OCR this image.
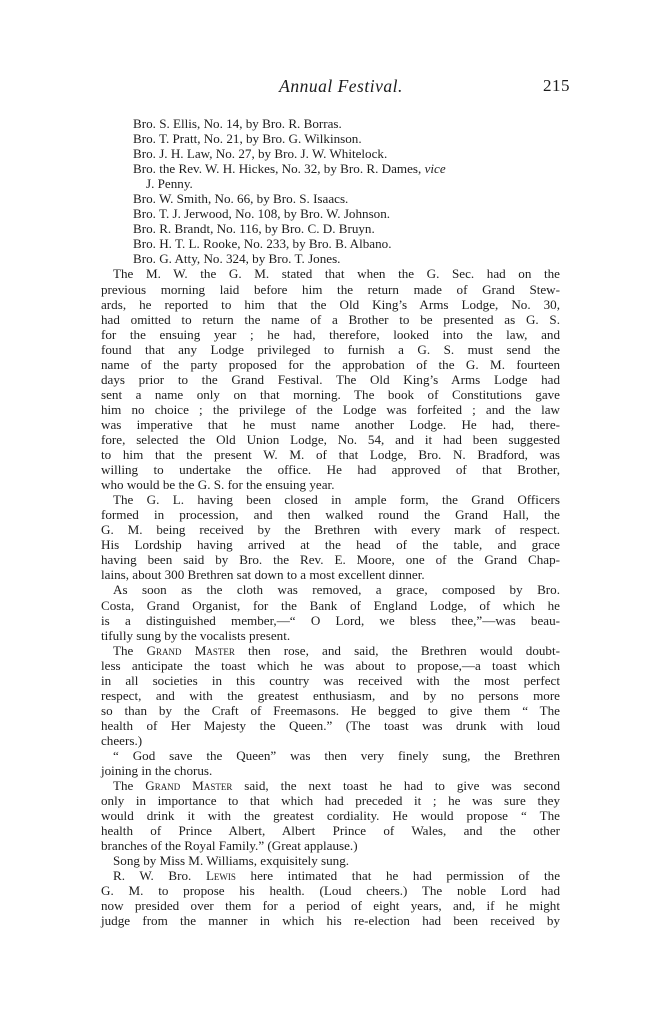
Annual Festival.	215
Bro. S. Ellis, No. 14, by Bro. R. Borras.
Bro. T. Pratt, No. 21, by Bro. G. Wilkinson.
Bro. J. H. Law, No. 27, by Bro. J. W. Whitelock.
Bro. the Rev. W. H. Hickes, No. 32, by Bro. R. Dames, vice
J. Penny.
Bro. W. Smith, No. 66, by Bro. S. Isaacs.
Bro. T. J. Jerwood, No. 108, by Bro. W. Johnson.
Bro. R. Brandt, No. 116, by Bro. C. D. Bruyn.
Bro. H. T. L. Rooke, No. 233, by Bro. B. Albano.
Bro. G. Atty, No. 324, by Bro. T. Jones.
The M. W. the G. M. stated that when the G. Sec. had on the
previous morning laid before him the return made of Grand Stew-
ards, he reported to him that the Old King’s Arms Lodge, No. 30,
had omitted to return the name of a Brother to be presented as G. S.
for the ensuing year ; he had, therefore, looked into the law, and
found that any Lodge privileged to furnish a G. S. must send the
name of the party proposed for the approbation of the G. M. fourteen
days prior to the Grand Festival. The Old King’s Arms Lodge had
sent a name only on that morning. The book of Constitutions gave
him no choice ; the privilege of the Lodge was forfeited ; and the law
was imperative that he must name another Lodge. He had, there-
fore, selected the Old Union Lodge, No. 54, and it had been suggested
to him that the present W. M. of that Lodge, Bro. N. Bradford, was
willing to undertake the office. He had approved of that Brother,
who would be the G. S. for the ensuing year.
The G. L. having been closed in ample form, the Grand Officers
formed in procession, and then walked round the Grand Hall, the
G. M. being received by the Brethren with every mark of respect.
His Lordship having arrived at the head of the table, and grace
having been said by Bro. the Rev. E. Moore, one of the Grand Chap-
lains, about 300 Brethren sat down to a most excellent dinner.
As soon as the cloth was removed, a grace, composed by Bro.
Costa, Grand Organist, for the Bank of England Lodge, of which he
is a distinguished member,—“ O Lord, we bless thee,”—was beau-
tifully sung by the vocalists present.
The Grand Master then rose, and said, the Brethren would doubt-
less anticipate the toast which he was about to propose,—a toast which
in all societies in this country was received with the most perfect
respect, and with the greatest enthusiasm, and by no persons more
so than by the Craft of Freemasons. He begged to give them “ The
health of Her Majesty the Queen.” (The toast was drunk with loud
cheers.)
“ God save the Queen” was then very finely sung, the Brethren
joining in the chorus.
The Grand Master said, the next toast he had to give was second
only in importance to that which had preceded it ; he was sure they
would drink it with the greatest cordiality. He would propose “ The
health of Prince Albert, Albert Prince of Wales, and the other
branches of the Royal Family.” (Great applause.)
Song by Miss M. Williams, exquisitely sung.
R. W. Bro. Lewis here intimated that he had permission of the
G. M. to propose his health. (Loud cheers.) The noble Lord had
now presided over them for a period of eight years, and, if he might
judge from the manner in which his re-election had been received by
